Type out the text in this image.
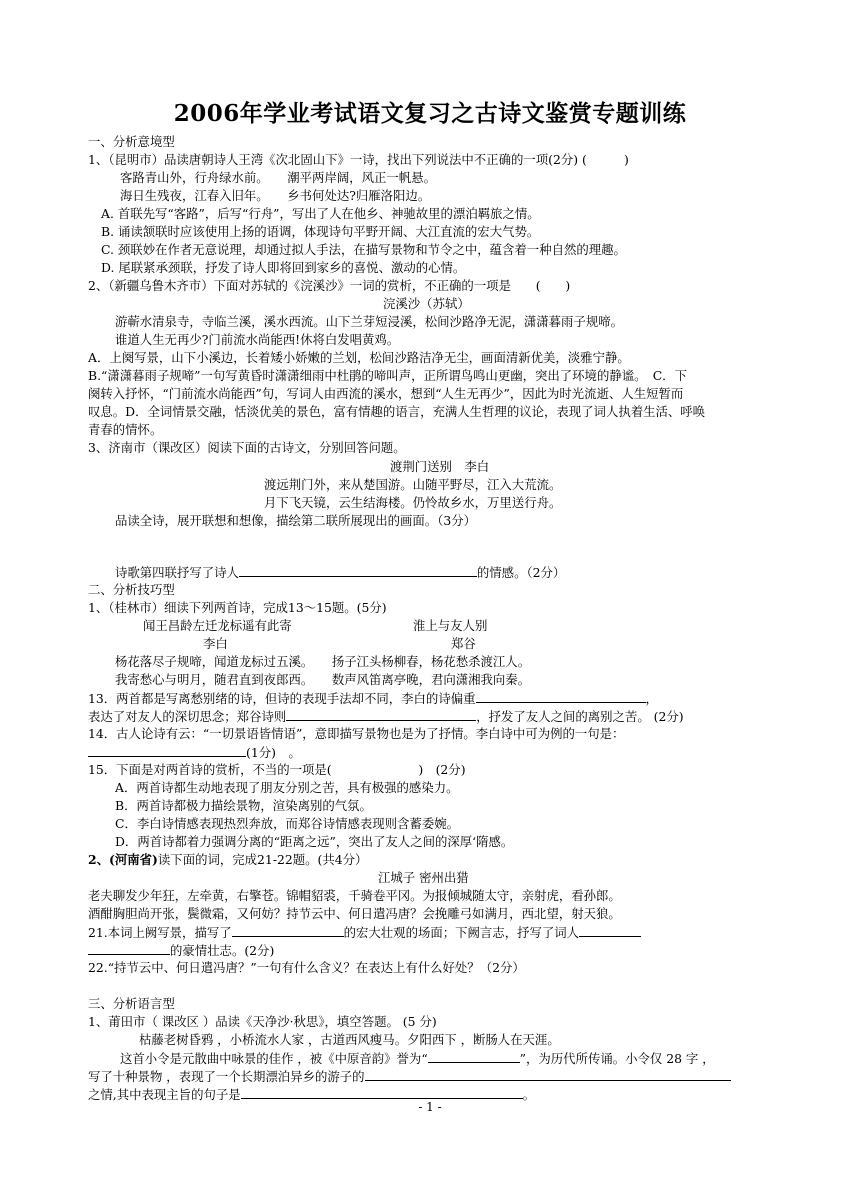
2006年学业考试语文复习之古诗文鉴赏专题训练
一、分析意境型
1、（昆明市）品读唐朝诗人王湾《次北固山下》一诗，找出下列说法中不正确的一项(2分) (　　　)
客路青山外，行舟绿水前。　　潮平两岸阔，风正一帆悬。
海日生残夜，江春入旧年。　　乡书何处达?归雁洛阳边。
A. 首联先写“客路”，后写“行舟”，写出了人在他乡、神驰故里的漂泊羁旅之情。
B. 诵读颔联时应该使用上扬的语调，体现诗句平野开阔、大江直流的宏大气势。
C. 颈联妙在作者无意说理，却通过拟人手法，在描写景物和节令之中，蕴含着一种自然的理趣。
D. 尾联紧承颈联，抒发了诗人即将回到家乡的喜悦、激动的心情。
2、（新疆乌鲁木齐市）下面对苏轼的《浣溪沙》一词的赏析，不正确的一项是　　(　　)
浣溪沙（苏轼）
游蕲水清泉寺，寺临兰溪，溪水西流。山下兰芽短浸溪，松间沙路净无泥，潇潇暮雨子规啼。
谁道人生无再少?门前流水尚能西!休将白发唱黄鸡。
A．上阕写景，山下小溪边，长着矮小娇嫩的兰划，松间沙路洁净无尘，画面清新优美，淡雅宁静。
B.“潇潇暮雨子规啼”一句写黄昏时潇潇细雨中杜鹃的啼叫声，正所谓鸟鸣山更幽，突出了环境的静谧。　C．下
阕转入抒怀，“门前流水尚能西”句，写词人由西流的溪水，想到“人生无再少”，因此为时光流逝、人生短暂而
叹息。D．全词情景交融，恬淡优美的景色，富有情趣的语言，充满人生哲理的议论，表现了词人执着生活、呼唤
青春的情怀。
3、济南市（课改区）阅读下面的古诗文，分别回答问题。
渡荆门送别　李白
渡远荆门外，来从楚国游。山随平野尽，江入大荒流。
月下飞天镜，云生结海楼。仍怜故乡水，万里送行舟。
品读全诗，展开联想和想像，描绘第二联所展现出的画面。（3分）
诗歌第四联抒写了诗人	的情感。（2分）
二、分析技巧型
1、（桂林市）细读下列两首诗，完成13～15题。(5分)
闻王昌龄左迁龙标遥有此寄	淮上与友人别
李白	郑谷
杨花落尽子规啼，闻道龙标过五溪。　　扬子江头杨柳春，杨花愁杀渡江人。
我寄愁心与明月，随君直到夜郎西。　　数声风笛离亭晚，君向潇湘我向秦。
13．两首都是写离愁别绪的诗，但诗的表现手法却不同，李白的诗偏重	，
表达了对友人的深切思念；郑谷诗则	，抒发了友人之间的离别之苦。 (2分)
14．古人论诗有云：“一切景语皆情语”，意即描写景物也是为了抒情。李白诗中可为例的一句是：
(1分)　。
15．下面是对两首诗的赏析，不当的一项是(　　　　　　　)　(2分)
A．两首诗都生动地表现了朋友分别之苦，具有极强的感染力。
B．两首诗都极力描绘景物，渲染离别的气氛。
C．李白诗情感表现热烈奔放，而郑谷诗情感表现则含蓄委婉。
D．两首诗都着力强调分离的“距离之远”，突出了友人之间的深厚‘隋感。
2、(河南省)读下面的词，完成21-22题。(共4分）
江城子 密州出猎
老夫聊发少年狂，左牵黄，右擎苍。锦帽貂裘，千骑卷平冈。为报倾城随太守，亲射虎，看孙郎。
酒酣胸胆尚开张，鬓微霜，又何妨？持节云中、何日遣冯唐？会挽雕弓如满月，西北望，射天狼。
21.本词上阙写景，描写了	的宏大壮观的场面；下阙言志，抒写了词人
的豪情壮志。(2分)
22.“持节云中、何日遣冯唐？”一句有什么含义？在表达上有什么好处？（2分）
三、分析语言型
1、莆田市（ 课改区 ）品读《天净沙·秋思》，填空答题。 (5 分)
枯藤老树昏鸦 ，小桥流水人家 ，古道西风瘦马。夕阳西下 ，断肠人在天涯。
这首小令是元散曲中咏景的佳作 ，被《中原音韵》誉为“	”，为历代所传诵。小令仅 28 字 ，
写了十种景物 ，表现了一个长期漂泊异乡的游子的
之情,其中表现主旨的句子是	。
- 1 -
